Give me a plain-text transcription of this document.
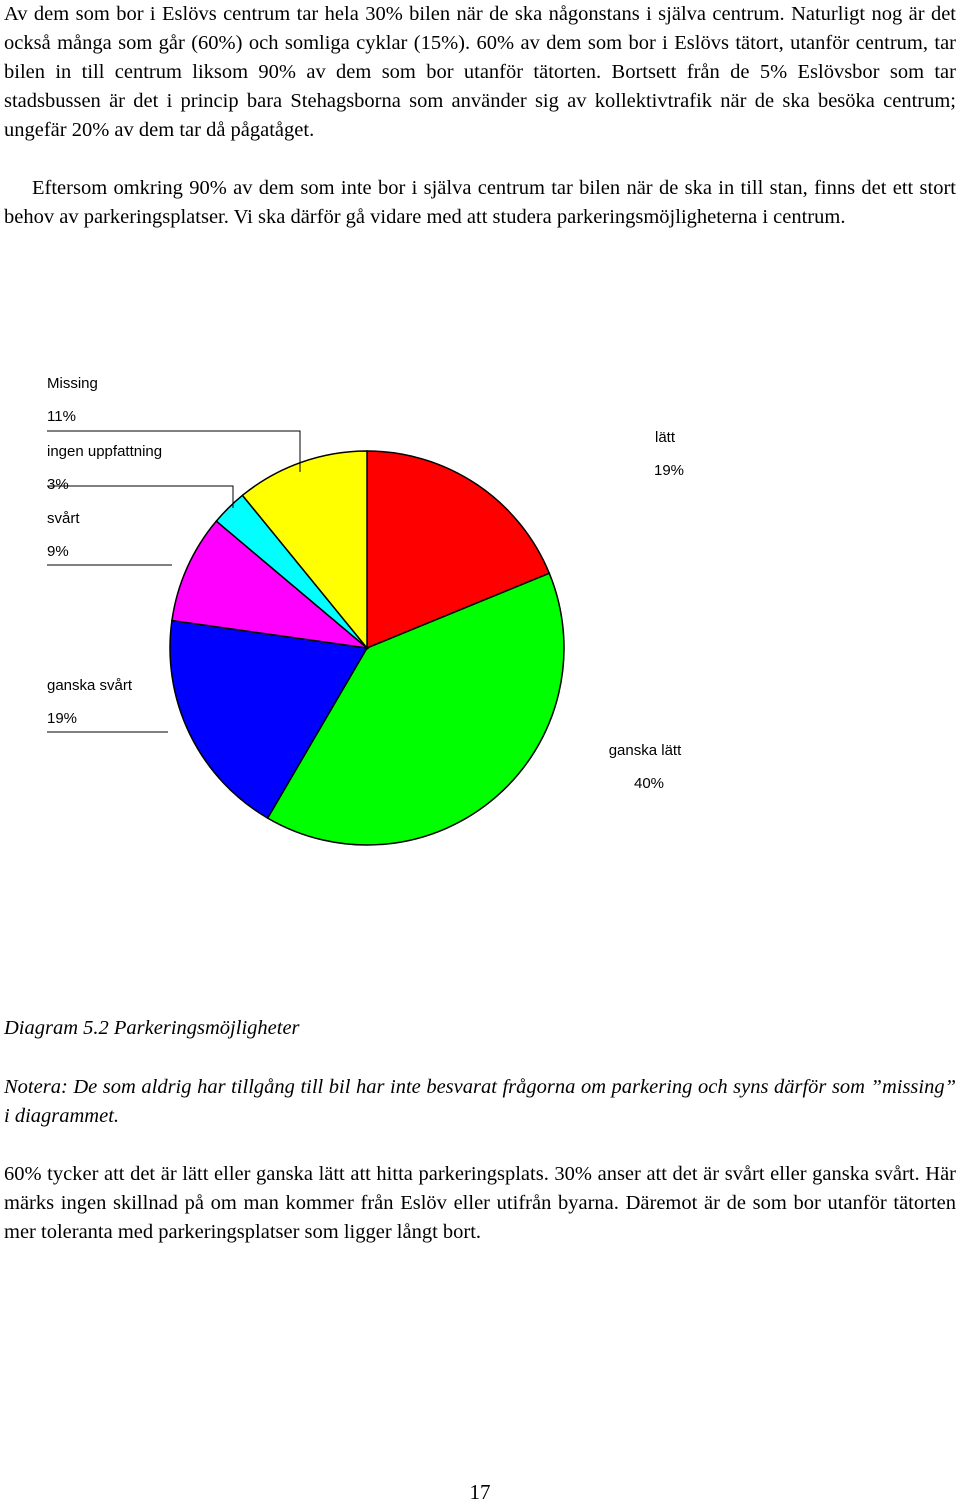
Av dem som bor i Eslövs centrum tar hela 30% bilen när de ska någonstans i själva centrum. Naturligt nog är det också många som går (60%) och somliga cyklar (15%). 60% av dem som bor i Eslövs tätort, utanför centrum, tar bilen in till centrum liksom 90% av dem som bor utanför tätorten. Bortsett från de 5% Eslövsbor som tar stadsbussen är det i princip bara Stehagsborna som använder sig av kollektivtrafik när de ska besöka centrum; ungefär 20% av dem tar då pågatåget.

Eftersom omkring 90% av dem som inte bor i själva centrum tar bilen när de ska in till stan, finns det ett stort behov av parkeringsplatser. Vi ska därför gå vidare med att studera parkeringsmöjligheterna i centrum.

lätt
19%
ganska lätt
40%
ganska svårt
19%
svårt
9%
ingen uppfattning
3%
Missing
11%

Diagram 5.2 Parkeringsmöjligheter

Notera: De som aldrig har tillgång till bil har inte besvarat frågorna om parkering och syns därför som ”missing” i diagrammet.

60% tycker att det är lätt eller ganska lätt att hitta parkeringsplats. 30% anser att det är svårt eller ganska svårt. Här märks ingen skillnad på om man kommer från Eslöv eller utifrån byarna. Däremot är de som bor utanför tätorten mer toleranta med parkeringsplatser som ligger långt bort.

17
